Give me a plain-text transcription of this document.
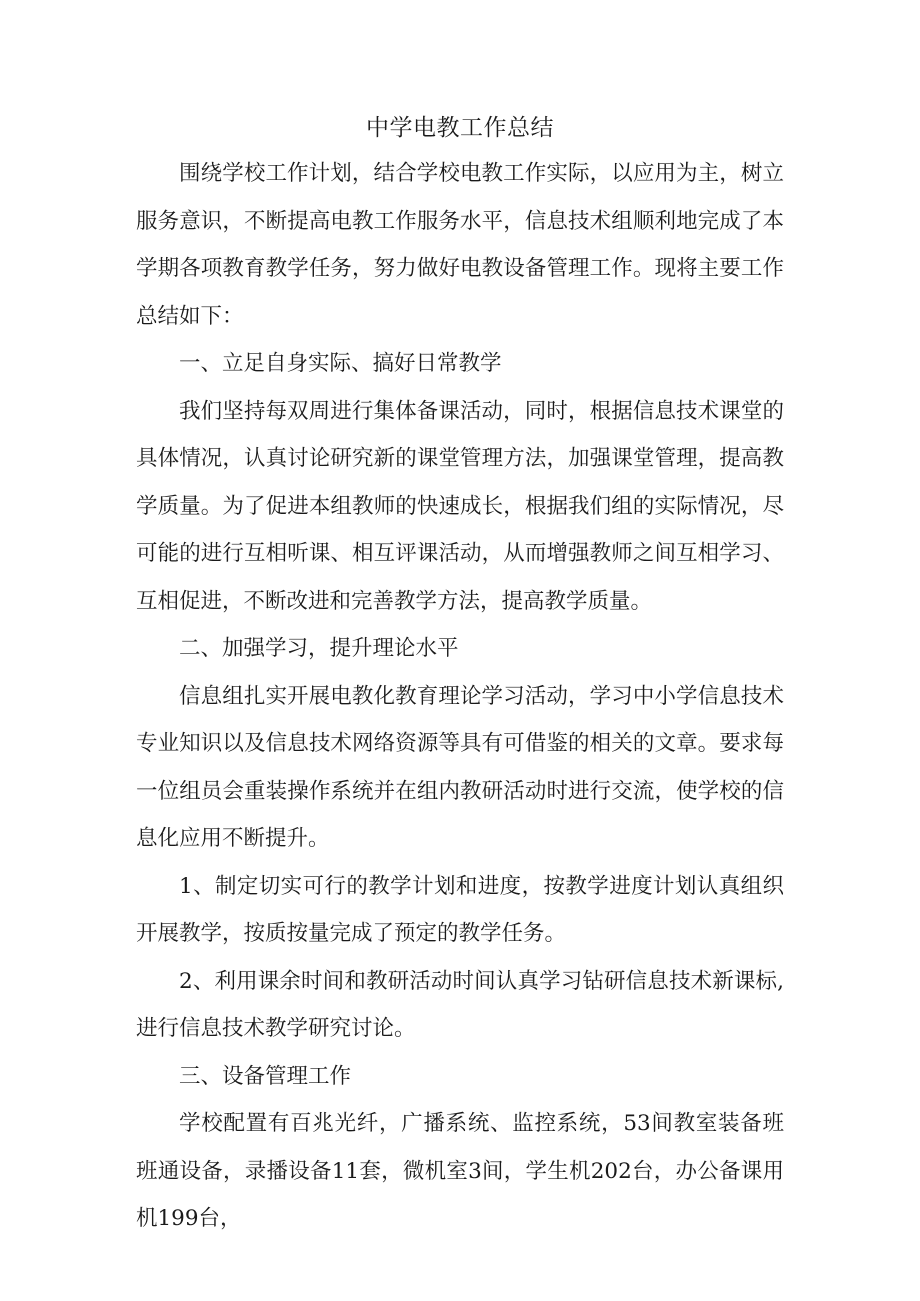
中学电教工作总结

围绕学校工作计划，结合学校电教工作实际，以应用为主，树立服务意识，不断提高电教工作服务水平，信息技术组顺利地完成了本学期各项教育教学任务，努力做好电教设备管理工作。现将主要工作总结如下：

一、立足自身实际、搞好日常教学

我们坚持每双周进行集体备课活动，同时，根据信息技术课堂的具体情况，认真讨论研究新的课堂管理方法，加强课堂管理，提高教学质量。为了促进本组教师的快速成长，根据我们组的实际情况，尽可能的进行互相听课、相互评课活动，从而增强教师之间互相学习、互相促进，不断改进和完善教学方法，提高教学质量。

二、加强学习，提升理论水平

信息组扎实开展电教化教育理论学习活动，学习中小学信息技术专业知识以及信息技术网络资源等具有可借鉴的相关的文章。要求每一位组员会重装操作系统并在组内教研活动时进行交流，使学校的信息化应用不断提升。

1、制定切实可行的教学计划和进度，按教学进度计划认真组织开展教学，按质按量完成了预定的教学任务。

2、利用课余时间和教研活动时间认真学习钻研信息技术新课标,进行信息技术教学研究讨论。

三、设备管理工作

学校配置有百兆光纤，广播系统、监控系统，53间教室装备班班通设备，录播设备11套，微机室3间，学生机202台，办公备课用机199台，
